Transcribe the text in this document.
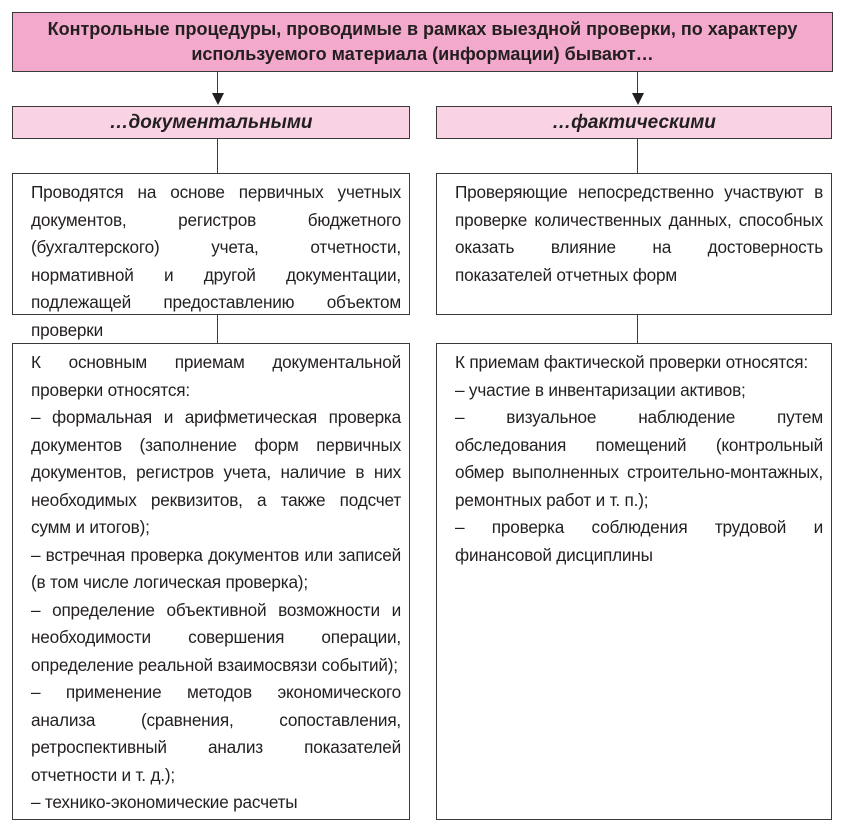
Контрольные процедуры, проводимые в рамках выездной проверки, по характеру
используемого материала (информации) бывают…
…документальными	…фактическими

Проводятся на основе первичных учетных документов, регистров бюджетного (бухгалтерского) учета, отчетности, нормативной и другой документации, подлежащей предоставлению объектом проверки

Проверяющие непосредственно участвуют в проверке количественных данных, способных оказать влияние на достоверность показателей отчетных форм

К основным приемам документальной проверки относятся:

– формальная и арифметическая проверка документов (заполнение форм первичных документов, регистров учета, наличие в них необходимых реквизитов, а также подсчет сумм и итогов);

– встречная проверка документов или записей (в том числе логическая проверка);

– определение объективной возможности и необходимости совершения операции, определение реальной взаимосвязи событий);

– применение методов экономического анализа (сравнения, сопоставления, ретроспективный анализ показателей отчетности и т. д.);

– технико-экономические расчеты

К приемам фактической проверки относятся:

– участие в инвентаризации активов;

– визуальное наблюдение путем обследования помещений (контрольный обмер выполненных строительно-монтажных, ремонтных работ и т. п.);

– проверка соблюдения трудовой и финансовой дисциплины
